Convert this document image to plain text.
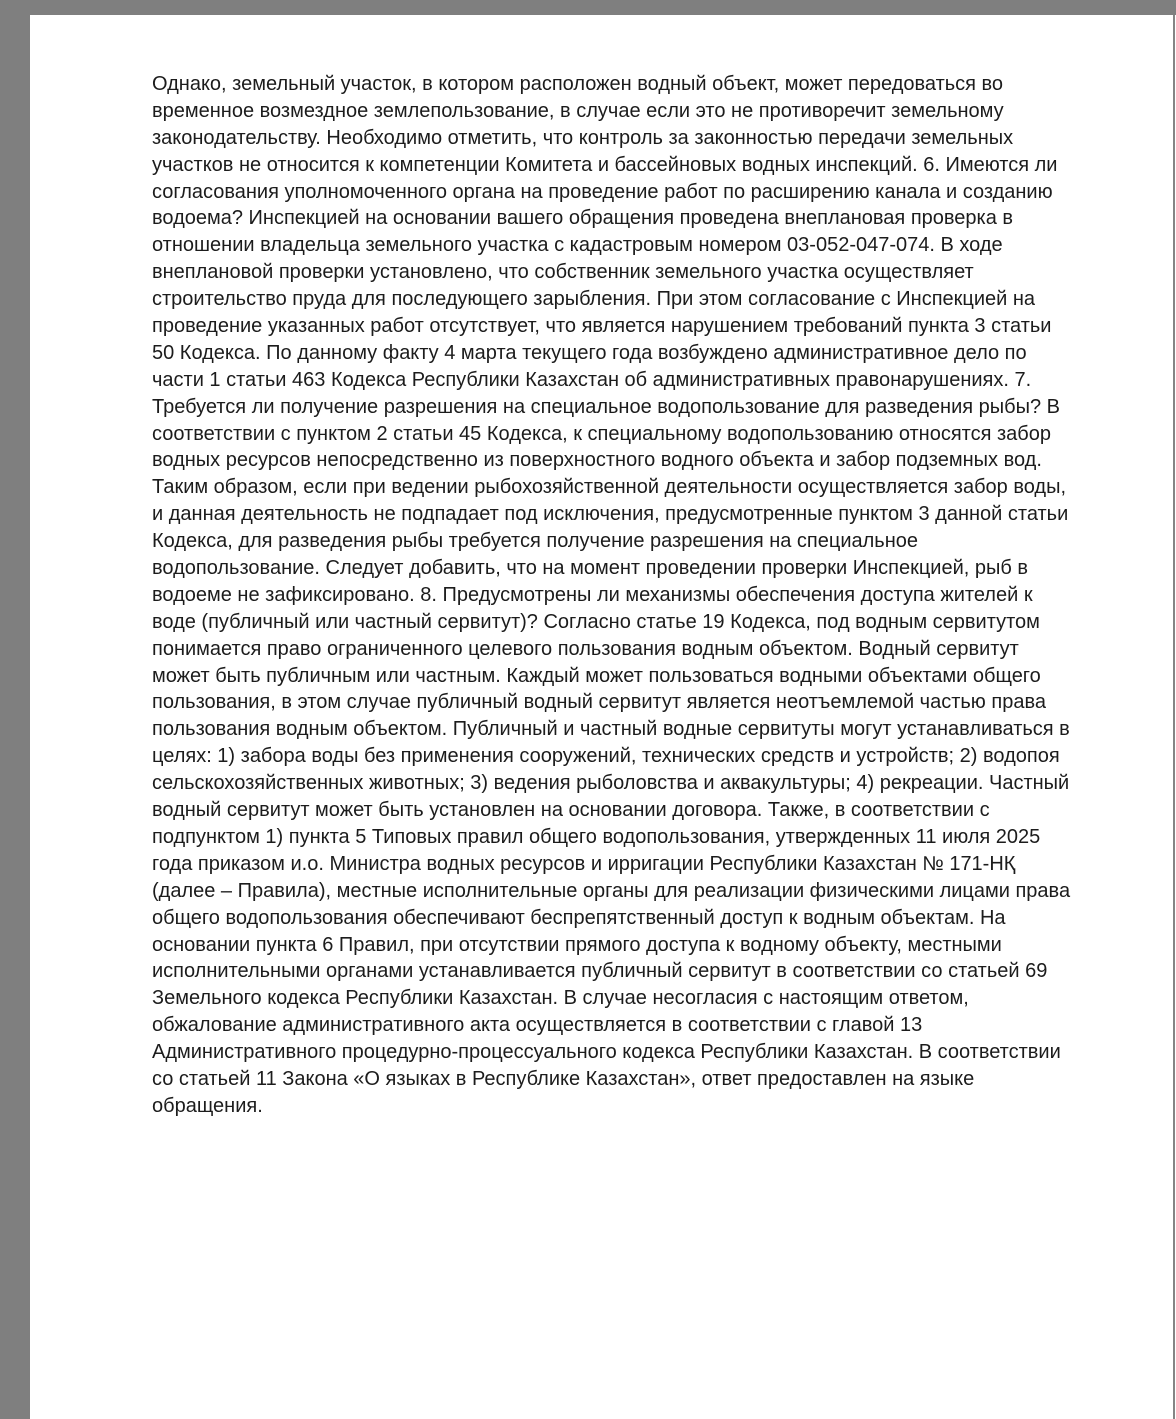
Однако, земельный участок, в котором расположен водный объект, может передоваться во
временное возмездное землепользование, в случае если это не противоречит земельному
законодательству. Необходимо отметить, что контроль за законностью передачи земельных
участков не относится к компетенции Комитета и бассейновых водных инспекций. 6. Имеются ли
согласования уполномоченного органа на проведение работ по расширению канала и созданию
водоема? Инспекцией на основании вашего обращения проведена внеплановая проверка в
отношении владельца земельного участка с кадастровым номером 03-052-047-074. В ходе
внеплановой проверки установлено, что собственник земельного участка осуществляет
строительство пруда для последующего зарыбления. При этом согласование с Инспекцией на
проведение указанных работ отсутствует, что является нарушением требований пункта 3 статьи
50 Кодекса. По данному факту 4 марта текущего года возбуждено административное дело по
части 1 статьи 463 Кодекса Республики Казахстан об административных правонарушениях. 7.
Требуется ли получение разрешения на специальное водопользование для разведения рыбы? В
соответствии с пунктом 2 статьи 45 Кодекса, к специальному водопользованию относятся забор
водных ресурсов непосредственно из поверхностного водного объекта и забор подземных вод.
Таким образом, если при ведении рыбохозяйственной деятельности осуществляется забор воды,
и данная деятельность не подпадает под исключения, предусмотренные пунктом 3 данной статьи
Кодекса, для разведения рыбы требуется получение разрешения на специальное
водопользование. Следует добавить, что на момент проведении проверки Инспекцией, рыб в
водоеме не зафиксировано. 8. Предусмотрены ли механизмы обеспечения доступа жителей к
воде (публичный или частный сервитут)? Согласно статье 19 Кодекса, под водным сервитутом
понимается право ограниченного целевого пользования водным объектом. Водный сервитут
может быть публичным или частным. Каждый может пользоваться водными объектами общего
пользования, в этом случае публичный водный сервитут является неотъемлемой частью права
пользования водным объектом. Публичный и частный водные сервитуты могут устанавливаться в
целях: 1) забора воды без применения сооружений, технических средств и устройств; 2) водопоя
сельскохозяйственных животных; 3) ведения рыболовства и аквакультуры; 4) рекреации. Частный
водный сервитут может быть установлен на основании договора. Также, в соответствии с
подпунктом 1) пункта 5 Типовых правил общего водопользования, утвержденных 11 июля 2025
года приказом и.о. Министра водных ресурсов и ирригации Республики Казахстан № 171-НҚ
(далее – Правила), местные исполнительные органы для реализации физическими лицами права
общего водопользования обеспечивают беспрепятственный доступ к водным объектам. На
основании пункта 6 Правил, при отсутствии прямого доступа к водному объекту, местными
исполнительными органами устанавливается публичный сервитут в соответствии со статьей 69
Земельного кодекса Республики Казахстан. В случае несогласия с настоящим ответом,
обжалование административного акта осуществляется в соответствии с главой 13
Административного процедурно-процессуального кодекса Республики Казахстан. В соответствии
со статьей 11 Закона «О языках в Республике Казахстан», ответ предоставлен на языке
обращения.
